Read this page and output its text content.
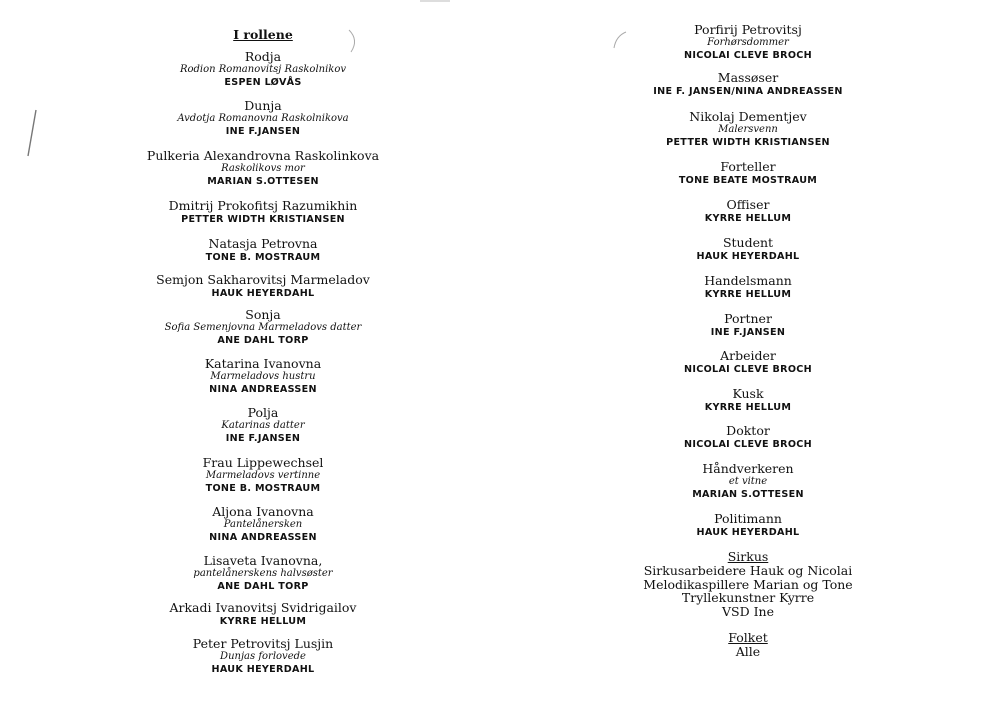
I rollene
Rodja
Rodion Romanovitsj Raskolnikov
ESPEN LØVÅS
Dunja
Avdotja Romanovna Raskolnikova
INE F.JANSEN
Pulkeria Alexandrovna Raskolinkova
Raskolikovs mor
MARIAN S.OTTESEN
Dmitrij Prokofitsj Razumikhin
PETTER WIDTH KRISTIANSEN
Natasja Petrovna
TONE B. MOSTRAUM
Semjon Sakharovitsj Marmeladov
HAUK HEYERDAHL
Sonja
Sofia Semenjovna Marmeladovs datter
ANE DAHL TORP
Katarina Ivanovna
Marmeladovs hustru
NINA ANDREASSEN
Polja
Katarinas datter
INE F.JANSEN
Frau Lippewechsel
Marmeladovs vertinne
TONE B. MOSTRAUM
Aljona Ivanovna
Pantelånersken
NINA ANDREASSEN
Lisaveta Ivanovna,
pantelånerskens halvsøster
ANE DAHL TORP
Arkadi Ivanovitsj Svidrigailov
KYRRE HELLUM
Peter Petrovitsj Lusjin
Dunjas forlovede
HAUK HEYERDAHL
Porfirij Petrovitsj
Forhørsdommer
NICOLAI CLEVE BROCH
Massøser
INE F. JANSEN/NINA ANDREASSEN
Nikolaj Dementjev
Malersvenn
PETTER WIDTH KRISTIANSEN
Forteller
TONE BEATE MOSTRAUM
Offiser
KYRRE HELLUM
Student
HAUK HEYERDAHL
Handelsmann
KYRRE HELLUM
Portner
INE F.JANSEN
Arbeider
NICOLAI CLEVE BROCH
Kusk
KYRRE HELLUM
Doktor
NICOLAI CLEVE BROCH
Håndverkeren
et vitne
MARIAN S.OTTESEN
Politimann
HAUK HEYERDAHL
Sirkus
Sirkusarbeidere Hauk og Nicolai
Melodikaspillere Marian og Tone
Tryllekunstner Kyrre
VSD Ine
Folket
Alle
